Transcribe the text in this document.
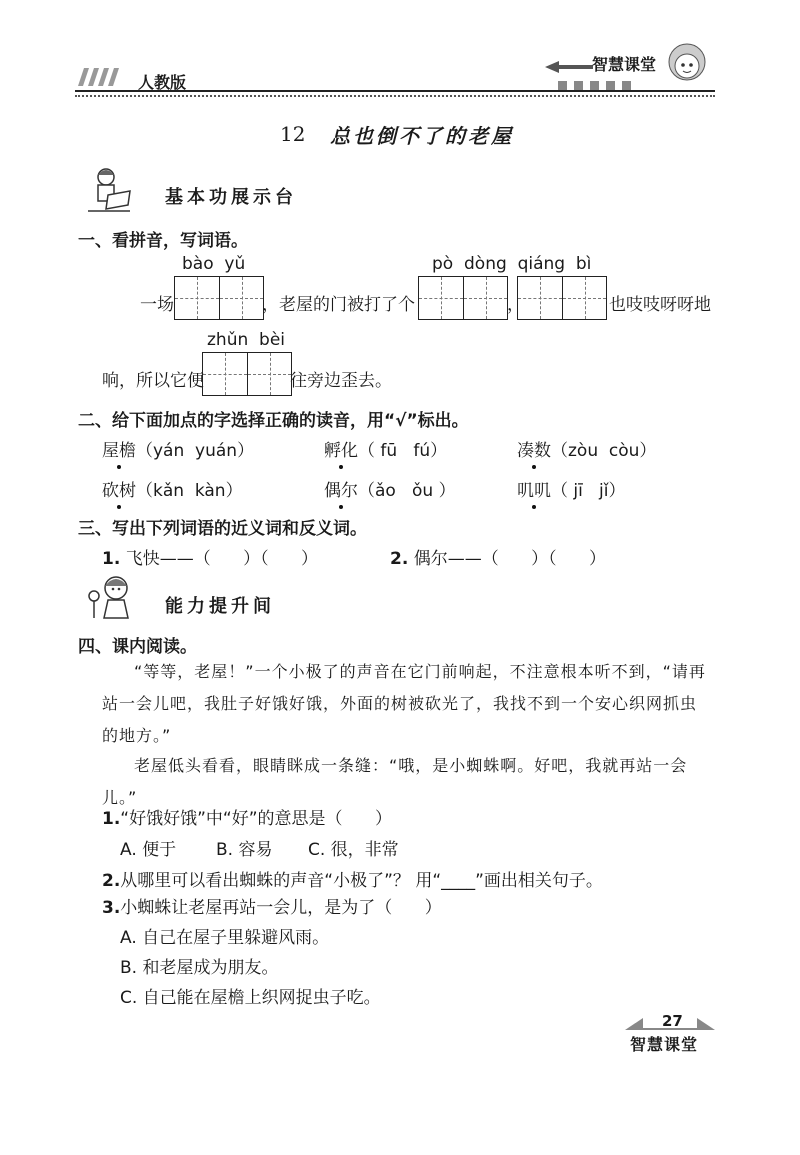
人教版
智慧课堂
12 总也倒不了的老屋
基本功展示台
一、看拼音，写词语。
bào  yǔ	pò  dòng  qiáng  bì
一场	，老屋的门被打了个	，	也吱吱呀呀地
zhǔn  bèi
响，所以它便	往旁边歪去。
二、给下面加点的字选择正确的读音，用“√”标出。
屋檐（yán  yuán）	孵化（ fū   fú）	凑数（zòu  còu）
砍树（kǎn  kàn）	偶尔（ǎo   ǒu ）	叽叽（ jī   jǐ）
三、写出下列词语的近义词和反义词。
1. 飞快——（      ）（      ）	2. 偶尔——（      ）（      ）
能力提升间
四、课内阅读。
“等等，老屋！”一个小极了的声音在它门前响起，不注意根本听不到，“请再
站一会儿吧，我肚子好饿好饿，外面的树被砍光了，我找不到一个安心织网抓虫
的地方。”
老屋低头看看，眼睛眯成一条缝：“哦，是小蜘蛛啊。好吧，我就再站一会
儿。”
1.“好饿好饿”中“好”的意思是（      ）
A. 便于 B. 容易 C. 很，非常
2.从哪里可以看出蜘蛛的声音“小极了”？ 用“____”画出相关句子。
3.小蜘蛛让老屋再站一会儿，是为了（      ）
A. 自己在屋子里躲避风雨。
B. 和老屋成为朋友。
C. 自己能在屋檐上织网捉虫子吃。
27
智慧课堂
